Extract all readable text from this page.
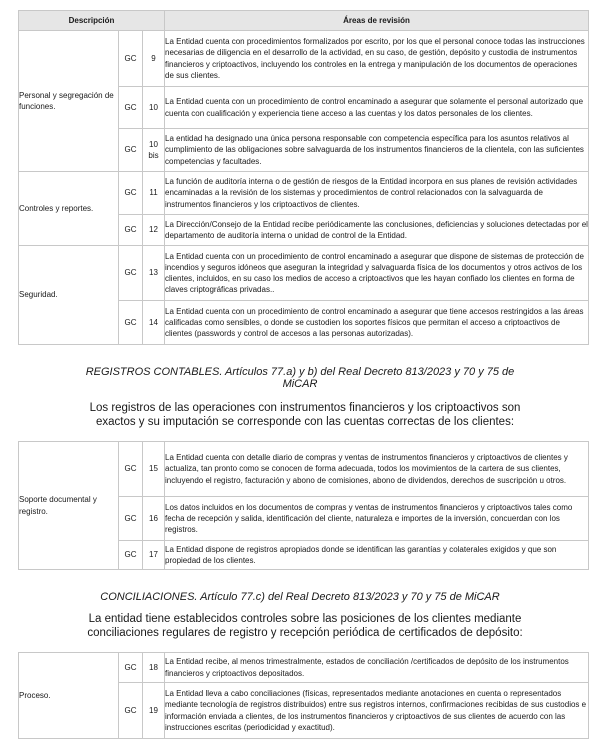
Descripción			Áreas de revisión
Personal y segregación de funciones.	GC	9	La Entidad cuenta con procedimientos formalizados por escrito, por los que el personal conoce todas las instrucciones necesarias de diligencia en el desarrollo de la actividad, en su caso, de gestión, depósito y custodia de instrumentos financieros y criptoactivos, incluyendo los controles en la entrega y manipulación de los documentos de operaciones de sus clientes.
	GC	10	La Entidad cuenta con un procedimiento de control encaminado a asegurar que solamente el personal autorizado que cuenta con cualificación y experiencia tiene acceso a las cuentas y los datos personales de los clientes.
	GC	10 bis	La entidad ha designado una única persona responsable con competencia específica para los asuntos relativos al cumplimiento de las obligaciones sobre salvaguarda de los instrumentos financieros de la clientela, con las suficientes competencias y facultades.
Controles y reportes.	GC	11	La función de auditoría interna o de gestión de riesgos de la Entidad incorpora en sus planes de revisión actividades encaminadas a la revisión de los sistemas y procedimientos de control relacionados con la salvaguarda de instrumentos financieros y los criptoactivos de clientes.
	GC	12	La Dirección/Consejo de la Entidad recibe periódicamente las conclusiones, deficiencias y soluciones detectadas por el departamento de auditoría interna o unidad de control de la Entidad.
Seguridad.	GC	13	La Entidad cuenta con un procedimiento de control encaminado a asegurar que dispone de sistemas de protección de incendios y seguros idóneos que aseguran la integridad y salvaguarda física de los documentos y otros activos de los clientes, incluidos, en su caso los medios de acceso a criptoactivos que les hayan confiado los clientes en forma de claves criptográficas privadas..
	GC	14	La Entidad cuenta con un procedimiento de control encaminado a asegurar que tiene accesos restringidos a las áreas calificadas como sensibles, o donde se custodien los soportes físicos que permitan el acceso a criptoactivos de clientes (passwords y control de accesos a las personas autorizadas).
REGISTROS CONTABLES. Artículos 77.a) y b) del Real Decreto 813/2023 y 70 y 75 de
MiCAR
Los registros de las operaciones con instrumentos financieros y los criptoactivos son
exactos y su imputación se corresponde con las cuentas correctas de los clientes:
Soporte documental y registro.	GC	15	La Entidad cuenta con detalle diario de compras y ventas de instrumentos financieros y criptoactivos de clientes y actualiza, tan pronto como se conocen de forma adecuada, todos los movimientos de la cartera de sus clientes, incluyendo el registro, facturación y abono de comisiones, abono de dividendos, derechos de suscripción u otros.
	GC	16	Los datos incluidos en los documentos de compras y ventas de instrumentos financieros y criptoactivos tales como fecha de recepción y salida, identificación del cliente, naturaleza e importes de la inversión, concuerdan con los registros.
	GC	17	La Entidad dispone de registros apropiados donde se identifican las garantías y colaterales exigidos y que son propiedad de los clientes.
CONCILIACIONES. Artículo 77.c) del Real Decreto 813/2023 y 70 y 75 de MiCAR
La entidad tiene establecidos controles sobre las posiciones de los clientes mediante
conciliaciones regulares de registro y recepción periódica de certificados de depósito:
Proceso.	GC	18	La Entidad recibe, al menos trimestralmente, estados de conciliación /certificados de depósito de los instrumentos financieros y criptoactivos depositados.
	GC	19	La Entidad lleva a cabo conciliaciones (físicas, representados mediante anotaciones en cuenta o representados mediante tecnología de registros distribuidos) entre sus registros internos, confirmaciones recibidas de sus custodios e información enviada a clientes, de los instrumentos financieros y criptoactivos de sus clientes de acuerdo con las instrucciones escritas (periodicidad y exactitud).
